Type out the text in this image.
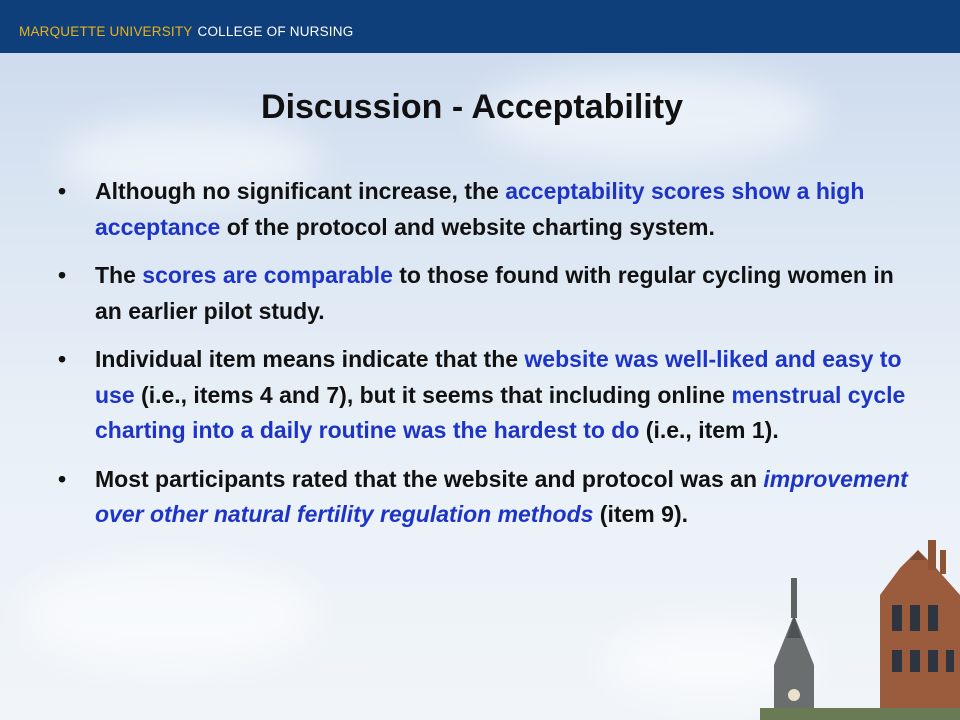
MARQUETTE UNIVERSITY COLLEGE OF NURSING
Discussion - Acceptability
• Although no significant increase, the acceptability scores show a high acceptance of the protocol and website charting system.
• The scores are comparable to those found with regular cycling women in an earlier pilot study.
• Individual item means indicate that the website was well-liked and easy to use (i.e., items 4 and 7), but it seems that including online menstrual cycle charting into a daily routine was the hardest to do (i.e., item 1).
• Most participants rated that the website and protocol was an improvement over other natural fertility regulation methods (item 9).
